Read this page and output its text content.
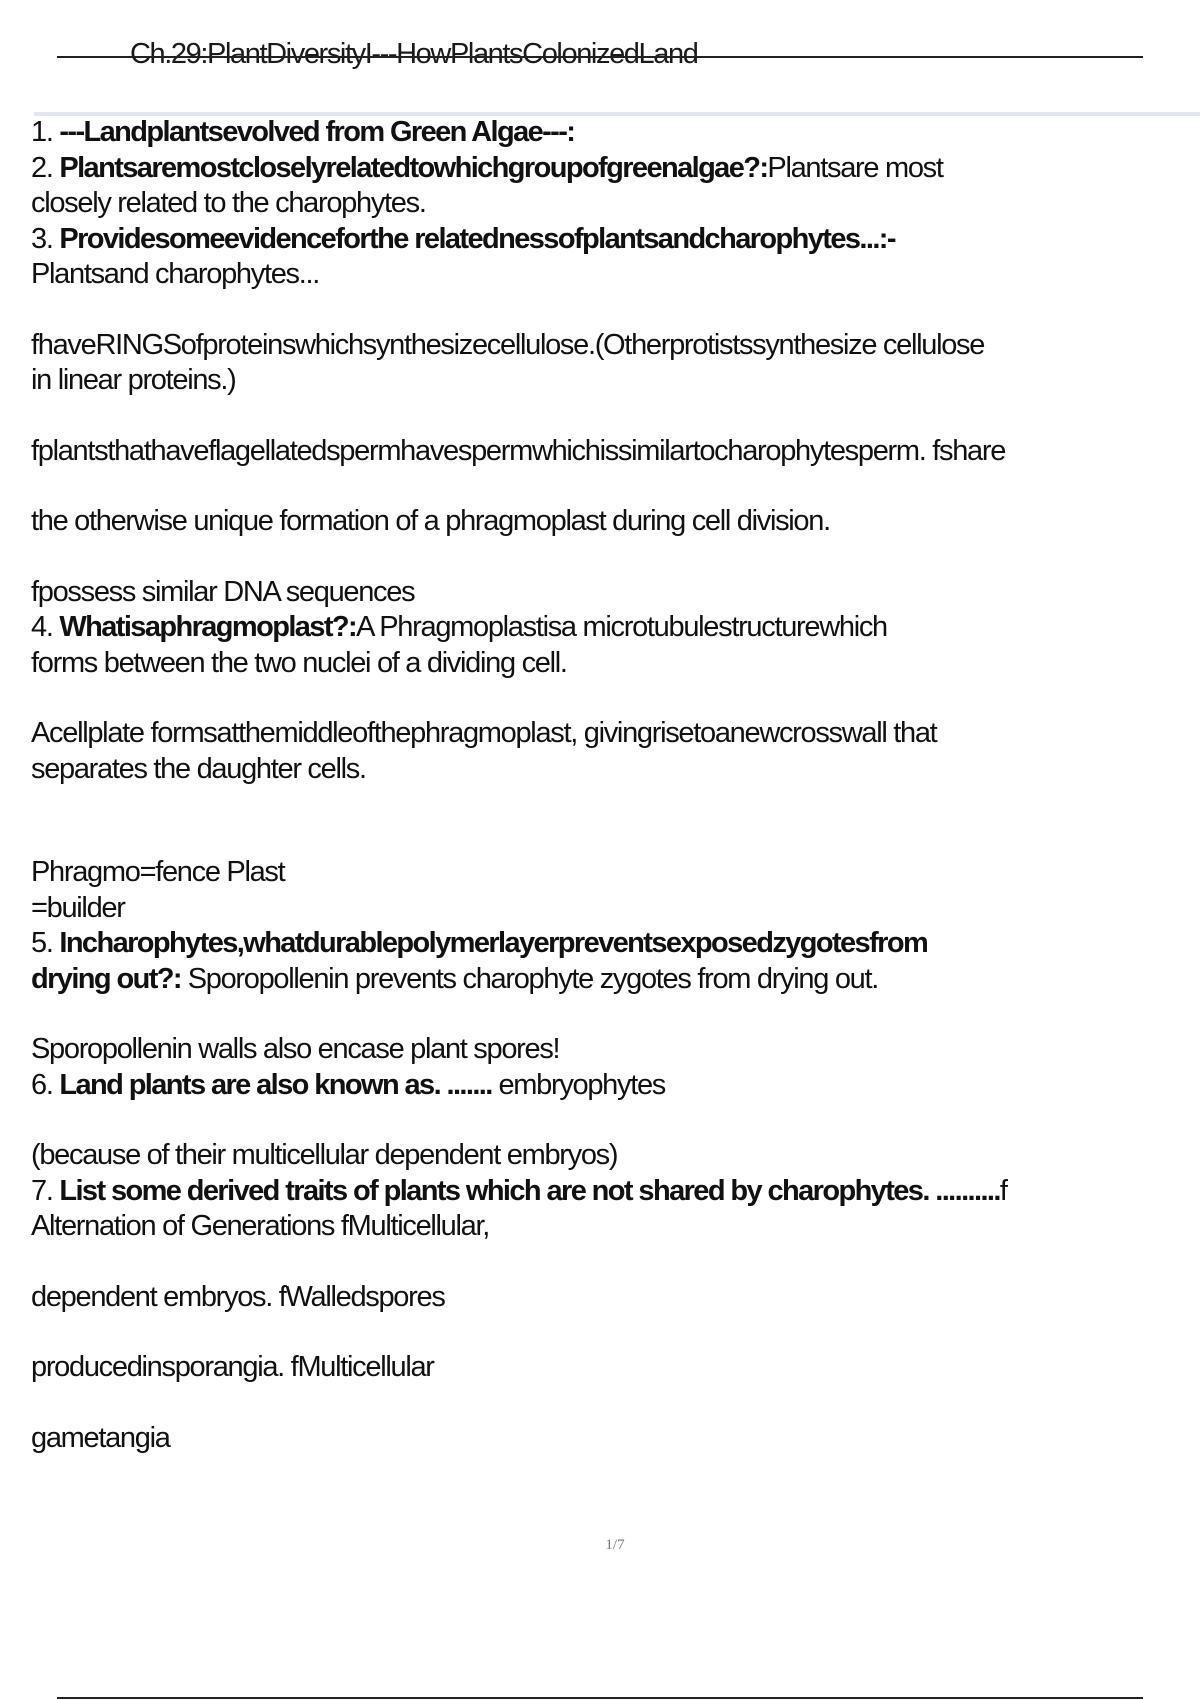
Ch.29:PlantDiversityI---HowPlantsColonizedLand
1. ---Landplantsevolved from Green Algae---:
2. Plantsaremostcloselyrelatedtowhichgroupofgreenalgae?:Plantsare most
closely related to the charophytes.
3. Providesomeevidenceforthe relatednessofplantsandcharophytes...:-
Plantsand charophytes...
fhaveRINGSofproteinswhichsynthesizecellulose.(Otherprotistssynthesize cellulose
in linear proteins.)
fplantsthathaveflagellatedspermhavespermwhichissimilartocharophytesperm. fshare
the otherwise unique formation of a phragmoplast during cell division.
fpossess similar DNA sequences
4. Whatisaphragmoplast?:A Phragmoplastisa microtubulestructurewhich
forms between the two nuclei of a dividing cell.
Acellplate formsatthemiddleofthephragmoplast, givingrisetoanewcrosswall that
separates the daughter cells.
Phragmo=fence Plast
=builder
5. Incharophytes,whatdurablepolymerlayerpreventsexposedzygotesfrom
drying out?: Sporopollenin prevents charophyte zygotes from drying out.
Sporopollenin walls also encase plant spores!
6. Land plants are also known as. ....... embryophytes
(because of their multicellular dependent embryos)
7. List some derived traits of plants which are not shared by charophytes. ..........f
Alternation of Generations fMulticellular,
dependent embryos. fWalledspores
producedinsporangia. fMulticellular
gametangia
1/7
